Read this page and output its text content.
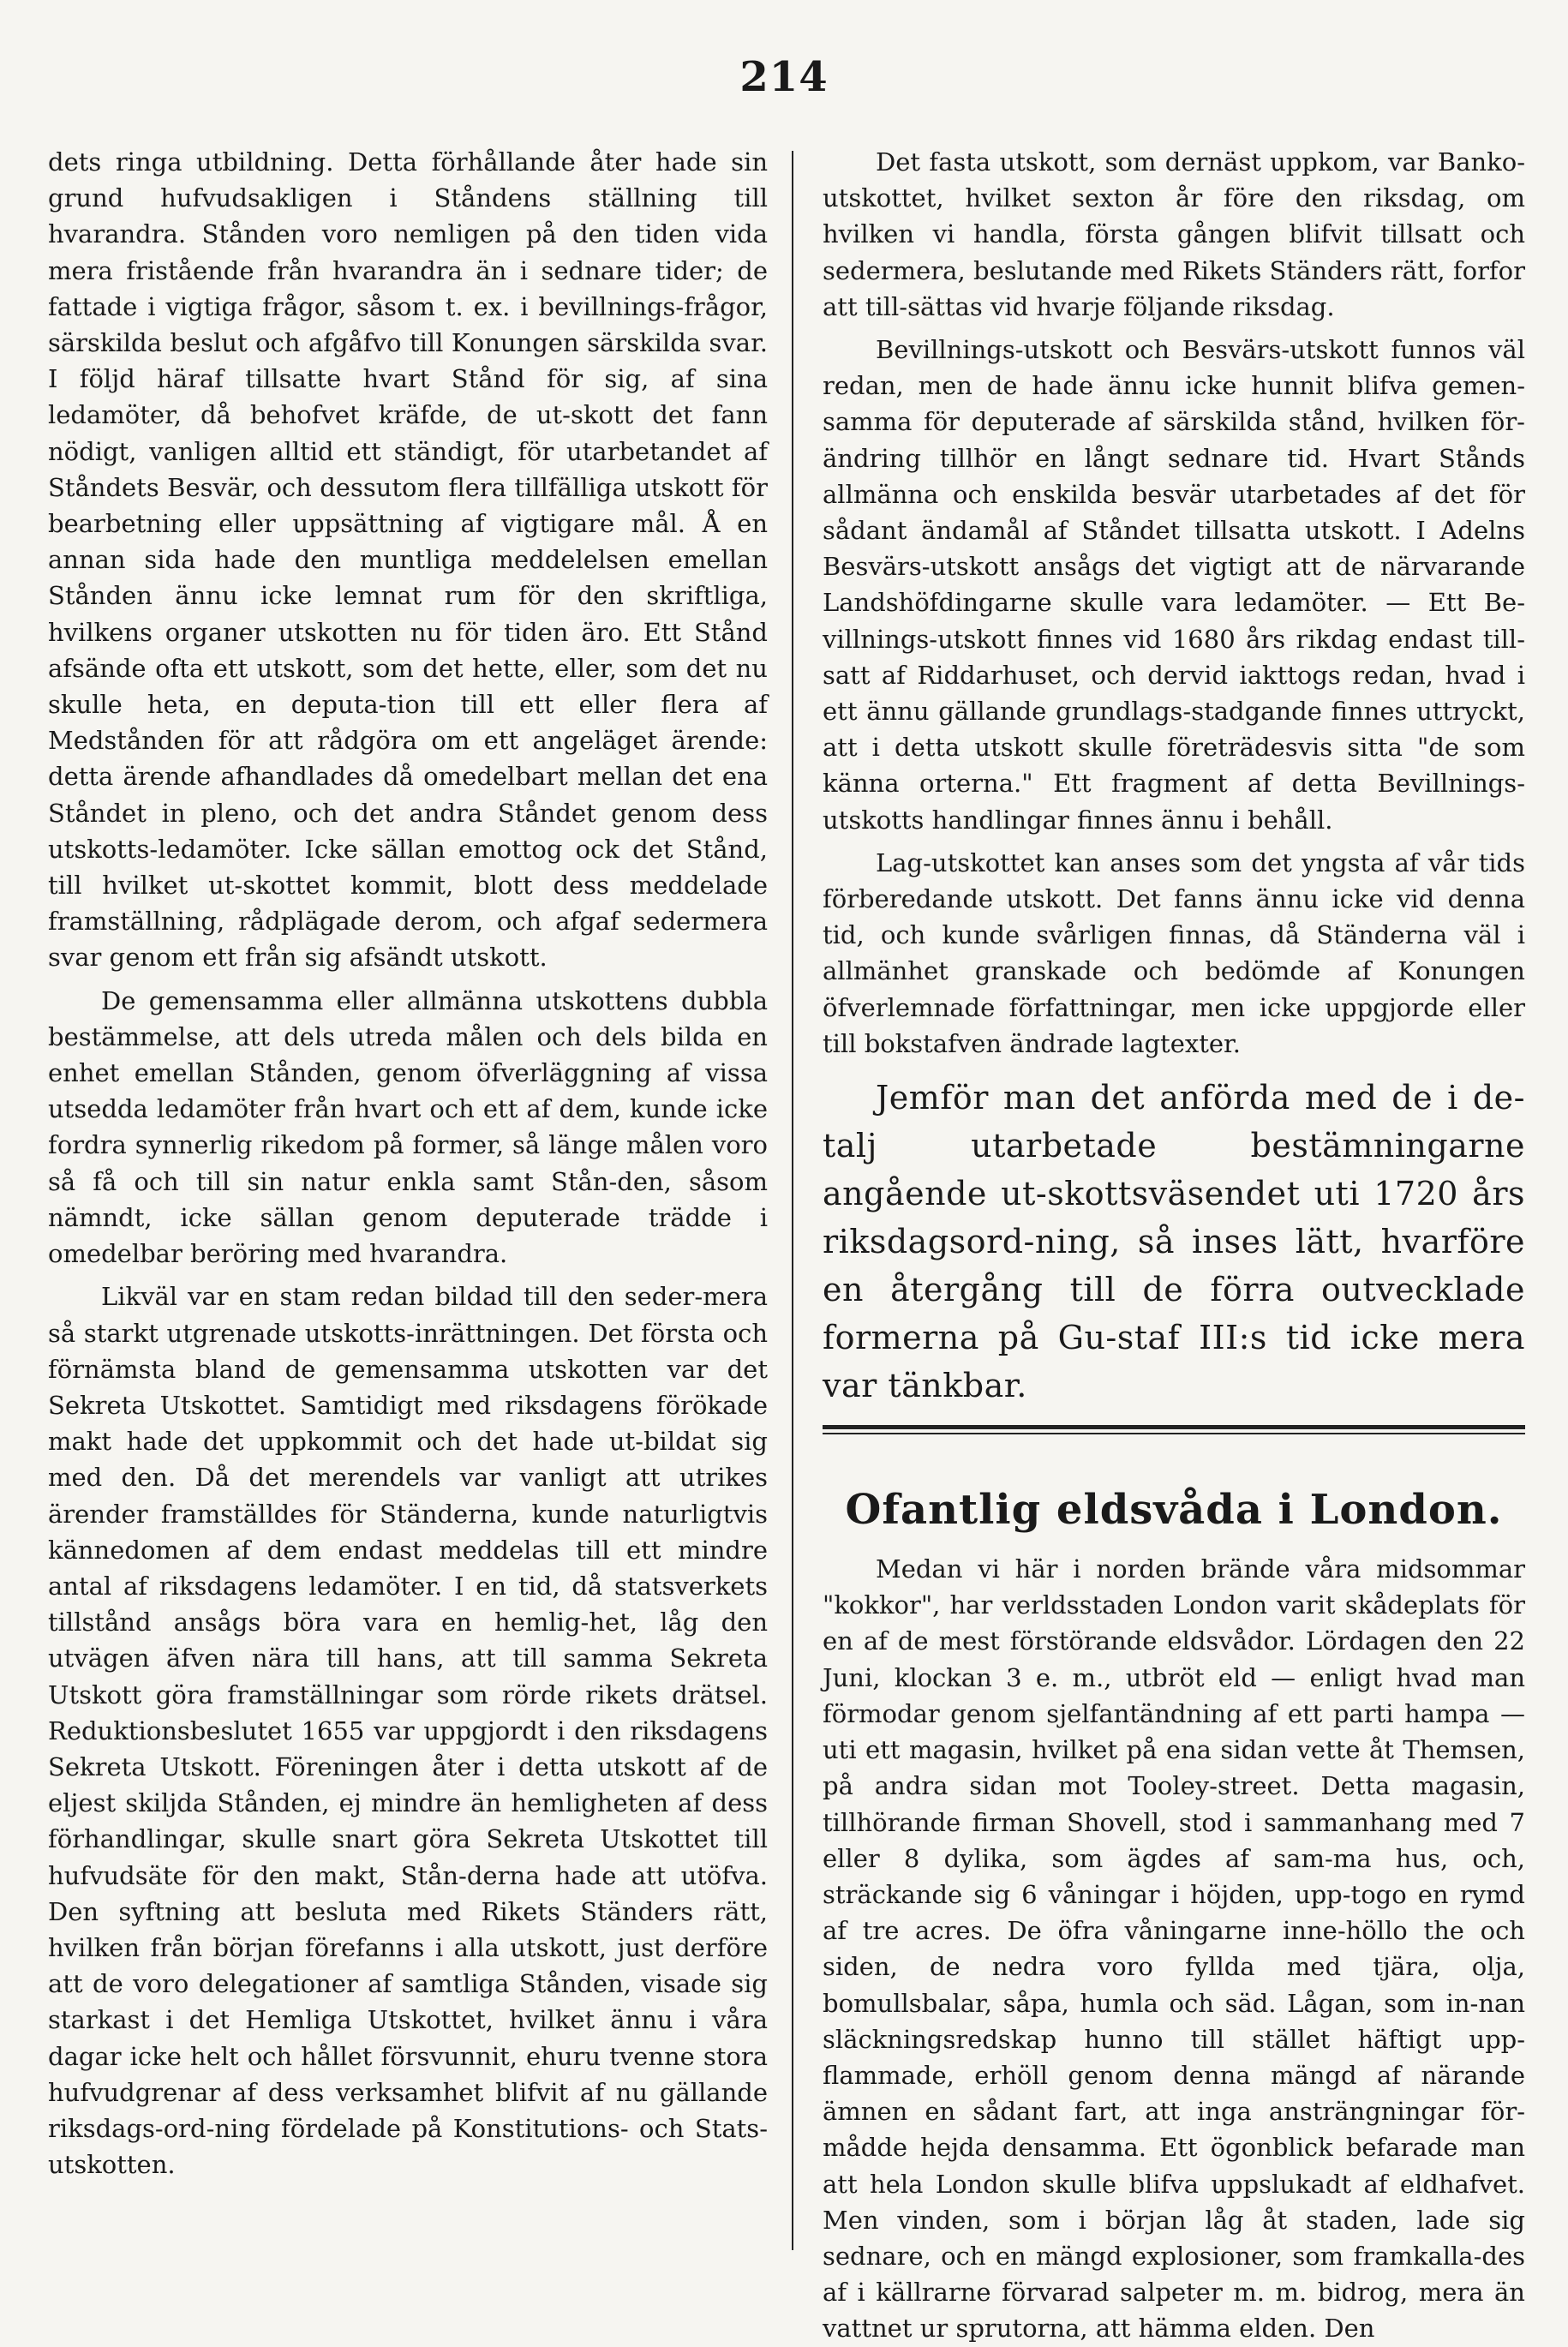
214

dets ringa utbildning. Detta förhållande åter hade sin grund hufvudsakligen i Ståndens ställning till hvarandra. Stånden voro nemligen på den tiden vida mera fristående från hvarandra än i sednare tider; de fattade i vigtiga frågor, såsom t. ex. i bevillnings-frågor, särskilda beslut och afgåfvo till Konungen särskilda svar. I följd häraf tillsatte hvart Stånd för sig, af sina ledamöter, då behofvet kräfde, de ut-skott det fann nödigt, vanligen alltid ett ständigt, för utarbetandet af Ståndets Besvär, och dessutom flera tillfälliga utskott för bearbetning eller uppsättning af vigtigare mål. Å en annan sida hade den muntliga meddelelsen emellan Stånden ännu icke lemnat rum för den skriftliga, hvilkens organer utskotten nu för tiden äro. Ett Stånd afsände ofta ett utskott, som det hette, eller, som det nu skulle heta, en deputa-tion till ett eller flera af Medstånden för att rådgöra om ett angeläget ärende: detta ärende afhandlades då omedelbart mellan det ena Ståndet in pleno, och det andra Ståndet genom dess utskotts-ledamöter. Icke sällan emottog ock det Stånd, till hvilket ut-skottet kommit, blott dess meddelade framställning, rådplägade derom, och afgaf sedermera svar genom ett från sig afsändt utskott.

De gemensamma eller allmänna utskottens dubbla bestämmelse, att dels utreda målen och dels bilda en enhet emellan Stånden, genom öfverläggning af vissa utsedda ledamöter från hvart och ett af dem, kunde icke fordra synnerlig rikedom på former, så länge målen voro så få och till sin natur enkla samt Stån-den, såsom nämndt, icke sällan genom deputerade trädde i omedelbar beröring med hvarandra.

Likväl var en stam redan bildad till den seder-mera så starkt utgrenade utskotts-inrättningen. Det första och förnämsta bland de gemensamma utskotten var det Sekreta Utskottet. Samtidigt med riksdagens förökade makt hade det uppkommit och det hade ut-bildat sig med den. Då det merendels var vanligt att utrikes ärender framställdes för Ständerna, kunde naturligtvis kännedomen af dem endast meddelas till ett mindre antal af riksdagens ledamöter. I en tid, då statsverkets tillstånd ansågs böra vara en hemlig-het, låg den utvägen äfven nära till hans, att till samma Sekreta Utskott göra framställningar som rörde rikets drätsel. Reduktionsbeslutet 1655 var uppgjordt i den riksdagens Sekreta Utskott. Föreningen åter i detta utskott af de eljest skiljda Stånden, ej mindre än hemligheten af dess förhandlingar, skulle snart göra Sekreta Utskottet till hufvudsäte för den makt, Stån-derna hade att utöfva. Den syftning att besluta med Rikets Ständers rätt, hvilken från början förefanns i alla utskott, just derföre att de voro delegationer af samtliga Stånden, visade sig starkast i det Hemliga Utskottet, hvilket ännu i våra dagar icke helt och hållet försvunnit, ehuru tvenne stora hufvudgrenar af dess verksamhet blifvit af nu gällande riksdags-ord-ning fördelade på Konstitutions- och Stats-utskotten.

Det fasta utskott, som dernäst uppkom, var Banko-utskottet, hvilket sexton år före den riksdag, om hvilken vi handla, första gången blifvit tillsatt och sedermera, beslutande med Rikets Ständers rätt, forfor att till-sättas vid hvarje följande riksdag.

Bevillnings-utskott och Besvärs-utskott funnos väl redan, men de hade ännu icke hunnit blifva gemen-samma för deputerade af särskilda stånd, hvilken för-ändring tillhör en långt sednare tid. Hvart Stånds allmänna och enskilda besvär utarbetades af det för sådant ändamål af Ståndet tillsatta utskott. I Adelns Besvärs-utskott ansågs det vigtigt att de närvarande Landshöfdingarne skulle vara ledamöter. — Ett Be-villnings-utskott finnes vid 1680 års rikdag endast till-satt af Riddarhuset, och dervid iakttogs redan, hvad i ett ännu gällande grundlags-stadgande finnes uttryckt, att i detta utskott skulle företrädesvis sitta "de som känna orterna." Ett fragment af detta Bevillnings-utskotts handlingar finnes ännu i behåll.

Lag-utskottet kan anses som det yngsta af vår tids förberedande utskott. Det fanns ännu icke vid denna tid, och kunde svårligen finnas, då Ständerna väl i allmänhet granskade och bedömde af Konungen öfverlemnade författningar, men icke uppgjorde eller till bokstafven ändrade lagtexter.

Jemför man det anförda med de i de-talj utarbetade bestämningarne angående ut-skottsväsendet uti 1720 års riksdagsord-ning, så inses lätt, hvarföre en återgång till de förra outvecklade formerna på Gu-staf III:s tid icke mera var tänkbar.

Ofantlig eldsvåda i London.

Medan vi här i norden brände våra midsommar "kokkor", har verldsstaden London varit skådeplats för en af de mest förstörande eldsvådor. Lördagen den 22 Juni, klockan 3 e. m., utbröt eld — enligt hvad man förmodar genom sjelfantändning af ett parti hampa — uti ett magasin, hvilket på ena sidan vette åt Themsen, på andra sidan mot Tooley-street. Detta magasin, tillhörande firman Shovell, stod i sammanhang med 7 eller 8 dylika, som ägdes af sam-ma hus, och, sträckande sig 6 våningar i höjden, upp-togo en rymd af tre acres. De öfra våningarne inne-höllo the och siden, de nedra voro fyllda med tjära, olja, bomullsbalar, såpa, humla och säd. Lågan, som in-nan släckningsredskap hunno till stället häftigt upp-flammade, erhöll genom denna mängd af närande ämnen en sådant fart, att inga ansträngningar för-mådde hejda densamma. Ett ögonblick befarade man att hela London skulle blifva uppslukadt af eldhafvet. Men vinden, som i början låg åt staden, lade sig sednare, och en mängd explosioner, som framkalla-des af i källrarne förvarad salpeter m. m. bidrog, mera än vattnet ur sprutorna, att hämma elden. Den
